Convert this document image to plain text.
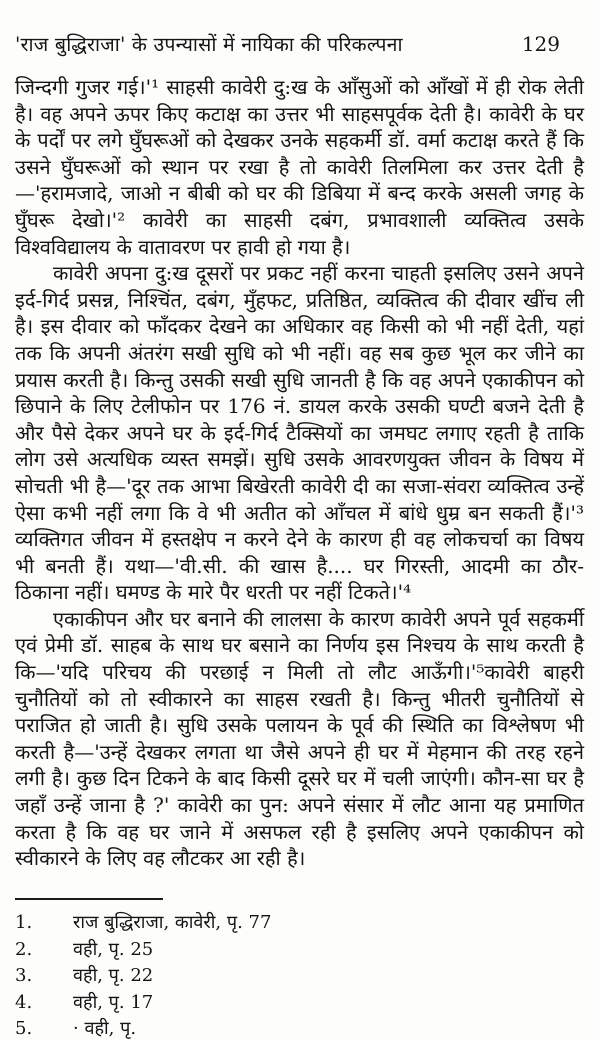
'राज बुद्धिराजा' के उपन्यासों में नायिका की परिकल्पना	129

जिन्दगी गुजर गई।'¹ साहसी कावेरी दु:ख के आँसुओं को आँखों में ही रोक लेती है। वह अपने ऊपर किए कटाक्ष का उत्तर भी साहसपूर्वक देती है। कावेरी के घर के पर्दों पर लगे घुँघरूओं को देखकर उनके सहकर्मी डॉ. वर्मा कटाक्ष करते हैं कि उसने घुँघरूओं को स्थान पर रखा है तो कावेरी तिलमिला कर उत्तर देती है—'हरामजादे, जाओ न बीबी को घर की डिबिया में बन्द करके असली जगह के घुँघरू देखो।'² कावेरी का साहसी दबंग, प्रभावशाली व्यक्तित्व उसके विश्वविद्यालय के वातावरण पर हावी हो गया है।

कावेरी अपना दु:ख दूसरों पर प्रकट नहीं करना चाहती इसलिए उसने अपने इर्द-गिर्द प्रसन्न, निश्चिंत, दबंग, मुँहफट, प्रतिष्ठित, व्यक्तित्व की दीवार खींच ली है। इस दीवार को फाँदकर देखने का अधिकार वह किसी को भी नहीं देती, यहां तक कि अपनी अंतरंग सखी सुधि को भी नहीं। वह सब कुछ भूल कर जीने का प्रयास करती है। किन्तु उसकी सखी सुधि जानती है कि वह अपने एकाकीपन को छिपाने के लिए टेलीफोन पर 176 नं. डायल करके उसकी घण्टी बजने देती है और पैसे देकर अपने घर के इर्द-गिर्द टैक्सियों का जमघट लगाए रहती है ताकि लोग उसे अत्यधिक व्यस्त समझें। सुधि उसके आवरणयुक्त जीवन के विषय में सोचती भी है—'दूर तक आभा बिखेरती कावेरी दी का सजा-संवरा व्यक्तित्व उन्हें ऐसा कभी नहीं लगा कि वे भी अतीत को आँचल में बांधे धुम्र बन सकती हैं।'³ व्यक्तिगत जीवन में हस्तक्षेप न करने देने के कारण ही वह लोकचर्चा का विषय भी बनती हैं। यथा—'वी.सी. की खास है.... घर गिरस्ती, आदमी का ठौर-ठिकाना नहीं। घमण्ड के मारे पैर धरती पर नहीं टिकते।'⁴

एकाकीपन और घर बनाने की लालसा के कारण कावेरी अपने पूर्व सहकर्मी एवं प्रेमी डॉ. साहब के साथ घर बसाने का निर्णय इस निश्चय के साथ करती है कि—'यदि परिचय की परछाई न मिली तो लौट आऊँगी।'⁵कावेरी बाहरी चुनौतियों को तो स्वीकारने का साहस रखती है। किन्तु भीतरी चुनौतियों से पराजित हो जाती है। सुधि उसके पलायन के पूर्व की स्थिति का विश्लेषण भी करती है—'उन्हें देखकर लगता था जैसे अपने ही घर में मेहमान की तरह रहने लगी है। कुछ दिन टिकने के बाद किसी दूसरे घर में चली जाएंगी। कौन-सा घर है जहाँ उन्हें जाना है ?' कावेरी का पुन: अपने संसार में लौट आना यह प्रमाणित करता है कि वह घर जाने में असफल रही है इसलिए अपने एकाकीपन को स्वीकारने के लिए वह लौटकर आ रही है।

1.	राज बुद्धिराजा, कावेरी, पृ. 77
2.	वही, पृ. 25
3.	वही, पृ. 22
4.	वही, पृ. 17
5.	· वही, पृ.
